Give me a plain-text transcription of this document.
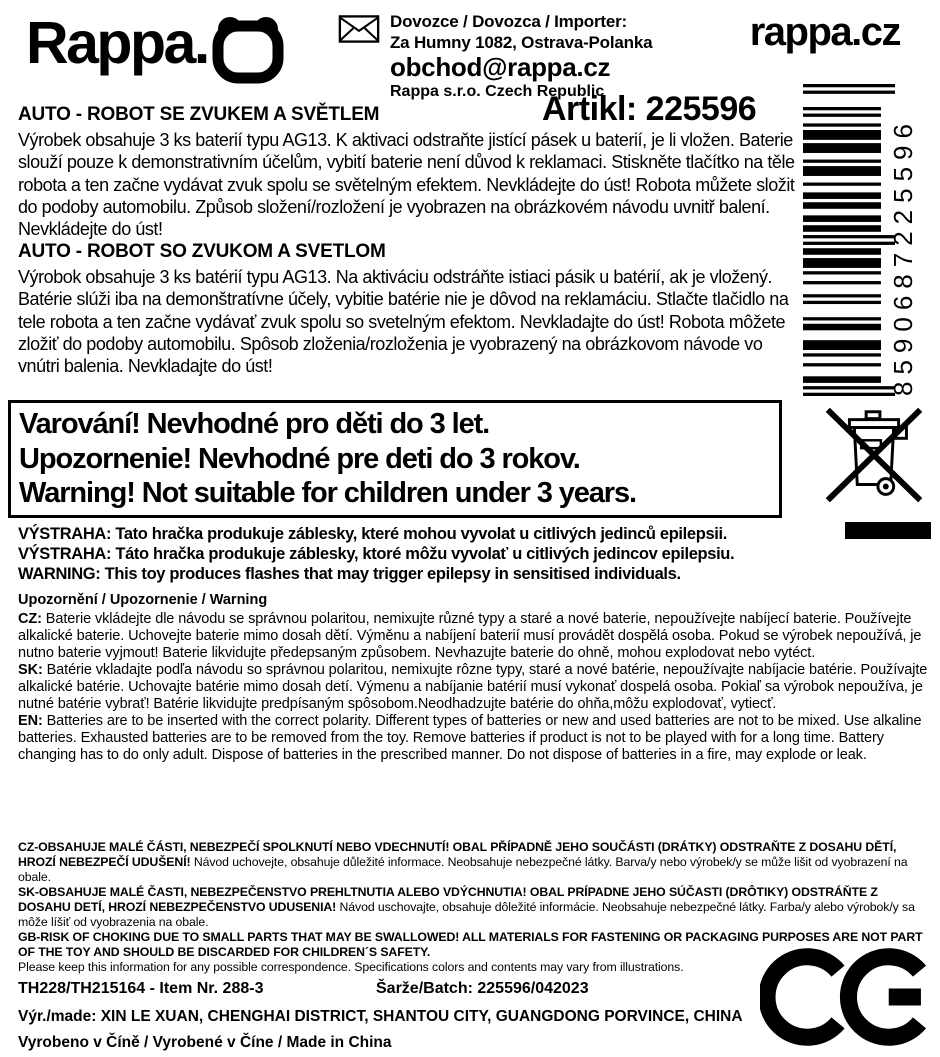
Rappa.	Dovozce / Dovozca / Importer:
Za Humny 1082, Ostrava-Polanka
obchod@rappa.cz
Rappa s.r.o. Czech Republic
rappa.cz
Artikl: 225596
AUTO - ROBOT SE ZVUKEM A SVĚTLEM
Výrobek obsahuje 3 ks baterií typu AG13. K aktivaci odstraňte jistící pásek u baterií, je li vložen. Baterie slouží pouze k demonstrativním účelům, vybití baterie není důvod k reklamaci. Stiskněte tlačítko na těle robota a ten začne vydávat zvuk spolu se světelným efektem. Nevkládejte do úst! Robota můžete složit do podoby automobilu. Způsob složení/rozložení je vyobrazen na obrázkovém návodu uvnitř balení. Nevkládejte do úst!
AUTO - ROBOT SO ZVUKOM A SVETLOM
Výrobok obsahuje 3 ks batérií typu AG13. Na aktiváciu odstráňte istiaci pásik u batérií, ak je vložený. Batérie slúži iba na demonštratívne účely, vybitie batérie nie je dôvod na reklamáciu. Stlačte tlačidlo na tele robota a ten začne vydávať zvuk spolu so svetelným efektom. Nevkladajte do úst! Robota môžete zložiť do podoby automobilu. Spôsob zloženia/rozloženia je vyobrazený na obrázkovom návode vo vnútri balenia. Nevkladajte do úst!	8590687225596
Varování! Nevhodné pro děti do 3 let.
Upozornenie! Nevhodné pre deti do 3 rokov.
Warning! Not suitable for children under 3 years.
VÝSTRAHA: Tato hračka produkuje záblesky, které mohou vyvolat u citlivých jedinců epilepsii.
VÝSTRAHA: Táto hračka produkuje záblesky, ktoré môžu vyvolať u citlivých jedincov epilepsiu.
WARNING: This toy produces flashes that may trigger epilepsy in sensitised individuals.
Upozornění / Upozornenie / Warning

CZ: Baterie vkládejte dle návodu se správnou polaritou, nemixujte různé typy a staré a nové baterie, nepoužívejte nabíjecí baterie. Používejte alkalické baterie. Uchovejte baterie mimo dosah dětí. Výměnu a nabíjení baterií musí provádět dospělá osoba. Pokud se výrobek nepoužívá, je nutno baterie vyjmout! Baterie likvidujte předepsaným způsobem. Nevhazujte baterie do ohně, mohou explodovat nebo vytéct.

SK: Batérie vkladajte podľa návodu so správnou polaritou, nemixujte rôzne typy, staré a nové batérie, nepoužívajte nabíjacie batérie. Používajte alkalické batérie. Uchovajte batérie mimo dosah detí. Výmenu a nabíjanie batérií musí vykonať dospelá osoba. Pokiaľ sa výrobok nepoužíva, je nutné batérie vybrať! Batérie likvidujte predpísaným spôsobom.Neodhadzujte batérie do ohňa,môžu explodovať, vytiecť.

EN: Batteries are to be inserted with the correct polarity. Different types of batteries or new and used batteries are not to be mixed. Use alkaline batteries. Exhausted batteries are to be removed from the toy. Remove batteries if product is not to be played with for a long time. Battery changing has to do only adult. Dispose of batteries in the prescribed manner. Do not dispose of batteries in a fire, may explode or leak.

CZ-OBSAHUJE MALÉ ČÁSTI, NEBEZPEČÍ SPOLKNUTÍ NEBO VDECHNUTÍ! OBAL PŘÍPADNĚ JEHO SOUČÁSTI (DRÁTKY) ODSTRAŇTE Z DOSAHU DĚTÍ, HROZÍ NEBEZPEČÍ UDUŠENÍ! Návod uchovejte, obsahuje důležité informace. Neobsahuje nebezpečné látky. Barva/y nebo výrobek/y se může lišit od vyobrazení na obale.

SK-OBSAHUJE MALÉ ČASTI, NEBEZPEČENSTVO PREHLTNUTIA ALEBO VDÝCHNUTIA! OBAL PRÍPADNE JEHO SÚČASTI (DRÔTIKY) ODSTRÁŇTE Z DOSAHU DETÍ, HROZÍ NEBEZPEČENSTVO UDUSENIA! Návod uschovajte, obsahuje dôležité informácie. Neobsahuje nebezpečné látky. Farba/y alebo výrobok/y sa môže líšiť od vyobrazenia na obale.

GB-RISK OF CHOKING DUE TO SMALL PARTS THAT MAY BE SWALLOWED! ALL MATERIALS FOR FASTENING OR PACKAGING PURPOSES ARE NOT PART OF THE TOY AND SHOULD BE DISCARDED FOR CHILDREN´S SAFETY.

Please keep this information for any possible correspondence. Specifications colors and contents may vary from illustrations.

TH228/TH215164 - Item Nr. 288-3	Šarže/Batch: 225596/042023
Výr./made: XIN LE XUAN, CHENGHAI DISTRICT, SHANTOU CITY, GUANGDONG PORVINCE, CHINA
Vyrobeno v Číně / Vyrobené v Číne / Made in China
